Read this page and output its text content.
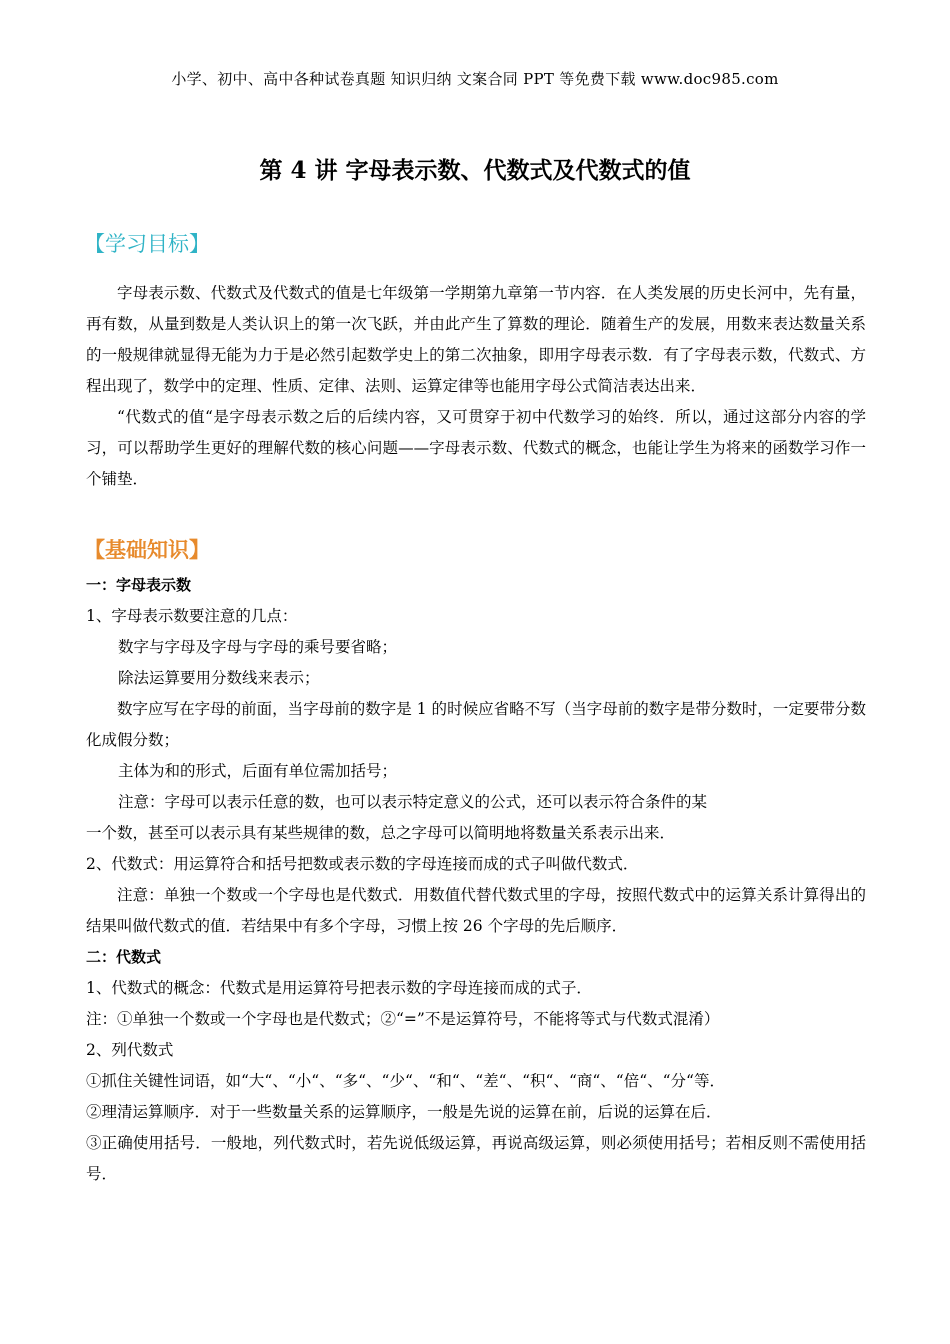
小学、初中、高中各种试卷真题 知识归纳 文案合同 PPT 等免费下载 www.doc985.com
第 4 讲 字母表示数、代数式及代数式的值
【学习目标】

字母表示数、代数式及代数式的值是七年级第一学期第九章第一节内容．在人类发展的历史长河中，先有量，再有数，从量到数是人类认识上的第一次飞跃，并由此产生了算数的理论．随着生产的发展，用数来表达数量关系的一般规律就显得无能为力于是必然引起数学史上的第二次抽象，即用字母表示数．有了字母表示数，代数式、方程出现了，数学中的定理、性质、定律、法则、运算定律等也能用字母公式简洁表达出来．

“代数式的值“是字母表示数之后的后续内容，又可贯穿于初中代数学习的始终．所以，通过这部分内容的学习，可以帮助学生更好的理解代数的核心问题——字母表示数、代数式的概念，也能让学生为将来的函数学习作一个铺垫．

【基础知识】

一：字母表示数

1、字母表示数要注意的几点：

数字与字母及字母与字母的乘号要省略；

除法运算要用分数线来表示；

数字应写在字母的前面，当字母前的数字是 1 的时候应省略不写（当字母前的数字是带分数时，一定要带分数化成假分数；

主体为和的形式，后面有单位需加括号；

注意：字母可以表示任意的数，也可以表示特定意义的公式，还可以表示符合条件的某

一个数，甚至可以表示具有某些规律的数，总之字母可以简明地将数量关系表示出来．

2、代数式：用运算符合和括号把数或表示数的字母连接而成的式子叫做代数式．

注意：单独一个数或一个字母也是代数式．用数值代替代数式里的字母，按照代数式中的运算关系计算得出的结果叫做代数式的值．若结果中有多个字母，习惯上按 26 个字母的先后顺序．

二：代数式

1、代数式的概念：代数式是用运算符号把表示数的字母连接而成的式子．

注：①单独一个数或一个字母也是代数式；②“=”不是运算符号，不能将等式与代数式混淆）

2、列代数式

①抓住关键性词语，如“大“、“小“、“多“、“少“、“和“、“差“、“积“、“商“、“倍“、“分“等．

②理清运算顺序．对于一些数量关系的运算顺序，一般是先说的运算在前，后说的运算在后．

③正确使用括号．一般地，列代数式时，若先说低级运算，再说高级运算，则必须使用括号；若相反则不需使用括号．
